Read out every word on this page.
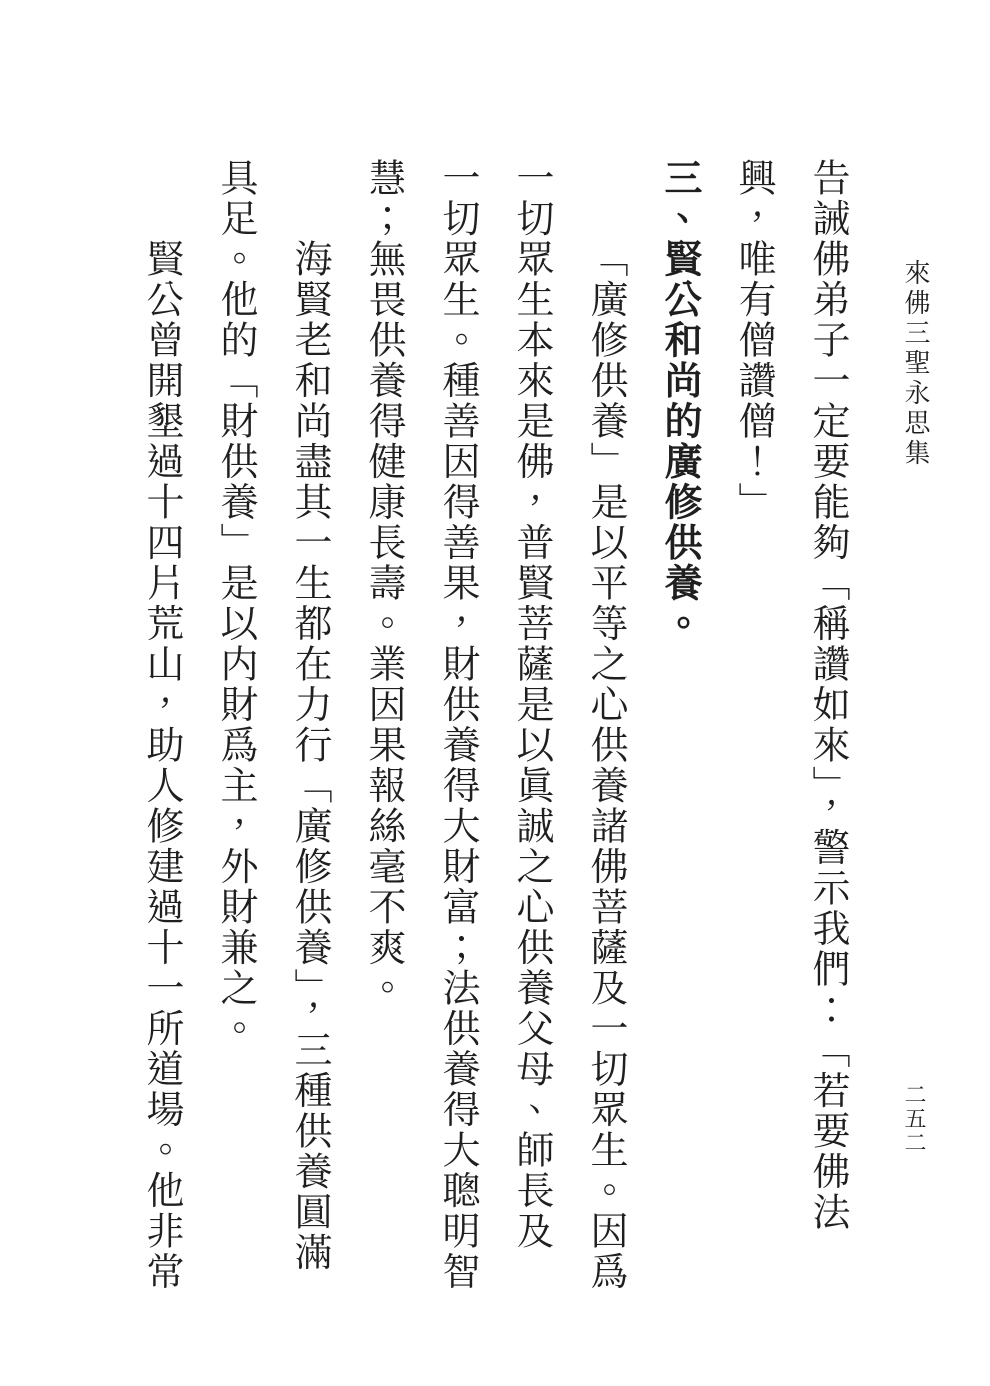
來佛三聖永思集
告誡佛弟子一定要能夠「稱讚如來」，警示我們：「若要佛法
興，唯有僧讚僧！」
三、賢公和尚的廣修供養。
「廣修供養」是以平等之心供養諸佛菩薩及一切眾生。因爲
一切眾生本來是佛，普賢菩薩是以眞誠之心供養父母、師長及
一切眾生。種善因得善果，財供養得大財富；法供養得大聰明智
慧；無畏供養得健康長壽。業因果報絲毫不爽。
海賢老和尚盡其一生都在力行「廣修供養」，三種供養圓滿
具足。他的「財供養」是以内財爲主，外財兼之。
賢公曾開墾過十四片荒山，助人修建過十一所道場。他非常	二五二
